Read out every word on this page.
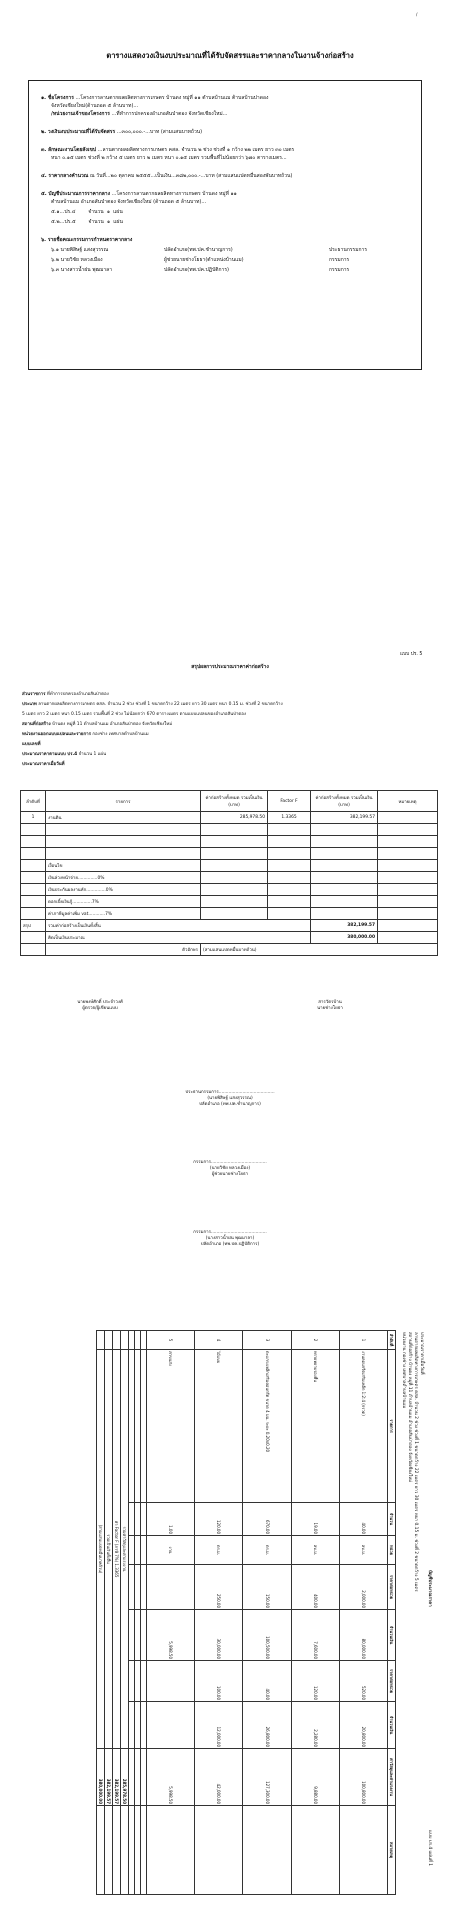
/
ตารางแสดงวงเงินงบประมาณที่ได้รับจัดสรรและราคากลางในงานจ้างก่อสร้าง
๑. ชื่อโครงการ ...โครงการลานตากผลผลิตทางการเกษตร บ้านดง หมู่ที่ ๑๑ ตำบลบ้านแม ต้าบลบ้านปาดอง
จังหวัดเชียงใหม่(ด้านถอด ๕ ล้านบาท)...
/หน่วยงานเจ้าของโครงการ ...ที่ทำการปกครองอำเภอสันป่าตอง จังหวัดเชียงใหม่...
๒. วงเงินงบประมาณที่ได้รับจัดสรร ...๓๐๐,๐๐๐.-...บาท (สามแสนบาทถ้วน)
๓. ลักษณะงานโดยสังเขป ...ลานตากผลผลิตทางการเกษตร คสล. จำนวน ๒ ช่วง ช่วงที่ ๑ กว้าง ๒๒ เมตร ยาว ๓๐ เมตร
หนา ๐.๑๕ เมตร ช่วงที่ ๒ กว้าง ๕ เมตร ยาว ๒ เมตร หนา ๐.๑๕ เมตร รวมพื้นที่ไม่น้อยกว่า ๖๗๐ ตารางเมตร...
๔. ราคากลางคำนวณ ณ วันที่...๒๐ ตุลาคม ๒๕๕๕...เป็นเงิน...๓๘๒,๐๐๐.-...บาท (สามแสนแปดหมื่นสองพันบาทถ้วน)
๕. บัญชีประมาณการราคากลาง ...โครงการลานตากผลผลิตทางการเกษตร บ้านดง หมู่ที่ ๑๑
ตำบลบ้านแม อำเภอสันป่าตอง จังหวัดเชียงใหม่ (ด้านถอด ๕ ล้านบาท)...
๕.๑...ปร.๔        จำนวน  ๑  แผ่น
๕.๒...ปร.๕        จำนวน  ๑  แผ่น
๖. รายชื่อคณะกรรมการกำหนดราคากลาง
๖.๑ นายพิสิษฐ์ แสงสุวรรณ	ปลัดอำเภอ(ทพ.ปค.ชำนาญการ)	ประธานกรรมการ
๖.๒ นายวิชัย หลวงเมือง	ผู้ช่วยนายช่างโยธา(ตำแหน่งบ้านแม)	กรรมการ
๖.๓ นางสาวน้ำฝน พุฒมาลา	ปลัดอำเภอ(ทพ.ปค.ปฏิบัติการ)	กรรมการ
แบบ ปร. 5
สรุปผลการประมาณราคาค่าก่อสร้าง
ส่วนราชการ ที่ทำการปกครองอำเภอสันป่าตอง
ประเภท ลานตากผลผลิตทางการเกษตร คสล. จำนวน 2 ช่วง ช่วงที่ 1 ขนาดกว้าง 22 เมตร ยาว 30 เมตร หนา 0.15 ม. ช่วงที่ 2 ขนาดกว้าง
5 เมตร ยาว 2 เมตร หนา 0.15 เมตร รวมพื้นที่ 2 ช่วง ไม่น้อยกว่า 670 ตารางเมตร ตามแบบแปลนของอำเภอสันป่าตอง
สถานที่ก่อสร้าง บ้านดง หมู่ที่ 11 ตำบลบ้านแม อำเภอสันป่าตอง จังหวัดเชียงใหม่
หน่วยงานออกแบบแปลนและรายการ กองช่าง เทศบาลตำบลบ้านแม
แบบเลขที่
ประมาณราคาตามแบบ ปร.4 จำนวน 1 แผ่น
ประมาณราคาเมื่อวันที่
ลำดับที่	รายการ	ค่าก่อสร้างทั้งหมด รวมเป็นเงิน (บาท)	Factor F	ค่าก่อสร้างทั้งหมด รวมเป็นเงิน (บาท)	หมายเหตุ
1	งานดิน	285,978.50	1.3365	382,199.57	

	เงื่อนไข				
	เงินล่วงหน้าจ่าย..............0%				
	เงินประกันผลงานหัก..............0%				
	ดอกเบี้ยเงินกู้..............7%				
	ค่าภาษีมูลค่าเพิ่ม vat............7%				
สรุป	รวมค่าก่อสร้างเป็นเงินทั้งสิ้น			382,199.57	
	คิดเป็นเงินประมาณ			380,000.00	
	ตัวอักษร	(สามแสนแปดหมื่นบาทถ้วน)			
นายพงษ์ศักดิ์ ประจำวงศ์
ผู้ตรวจ/ผู้เขียนแบบ
สารวัตรบ้าน
นายช่างโยธา
ประธานกรรมการ........................................
(นายพิสิษฐ์ แสงสุวรรณ)
ปลัดอำเภอ (ทพ.ปค.ชำนาญการ)
กรรมการ........................................
(นายวิชัย หลวงเมือง)
ผู้ช่วยนายช่างโยธา
กรรมการ........................................
(นางสาวน้ำฝน พุฒมาลา)
ปลัดอำเภอ (ทพ.ปค.ปฏิบัติการ)
บัญชีประมาณราคา
แบบ ปร.4 แผ่นที่ 1
ประมาณราคาเมื่อวันที่
ลานตากผลผลิตทางการเกษตร คสล. จำนวน 2 ช่วง ช่วงที่ 1 ขนาดกว้าง 22 เมตร ยาว 30 เมตร หนา 0.15 ม. ช่วงที่ 2 ขนาดกว้าง 5 เมตร
สถานที่ก่อสร้าง บ้านดง หมู่ที่ 11 ตำบลบ้านแม อำเภอสันป่าตอง จังหวัดเชียงใหม่
หน่วยงาน กองช่าง เทศบาลตำบลบ้านแม
ลำดับที่	รายการ	จำนวน	หน่วย	ราคาต่อหน่วย	จำนวนเงิน	ราคาต่อหน่วย	จำนวนเงิน	ค่าวัสดุและค่าแรงงาน	หมายเหตุ
1	งานคอนกรีตเสริมเหล็ก 1:2:4 (กรวด)	40.00	ลบ.ม.	2,000.00	80,000.00	520.00	20,800.00	100,800.00	
2	ทรายหยาบรองพื้น	19.00	ลบ.ม.	400.00	7,600.00	120.00	2,280.00	9,880.00	
3	ตะแกรงเหล็กเสริมคอนกรีต ขนาด 4 มม. ระยะ 0.20x0.20	670.00	ตร.ม.	150.00	100,500.00	40.00	26,800.00	127,300.00	
4	ไม้แบบ	120.00	ตร.ม.	250.00	30,000.00	100.00	12,000.00	42,000.00	
5	ค่าขนส่ง	1.00	งาน		5,998.50			5,998.50	

	รวมค่าวัสดุและค่าแรงงาน							285,978.50	
	ค่า Factor F (ภาษี 7%) 1.3365							382,199.57	
	รวมเป็นเงินทั้งสิ้น							382,199.57	
	(สามแสนแปดหมื่นบาทถ้วน)							380,000.00	
